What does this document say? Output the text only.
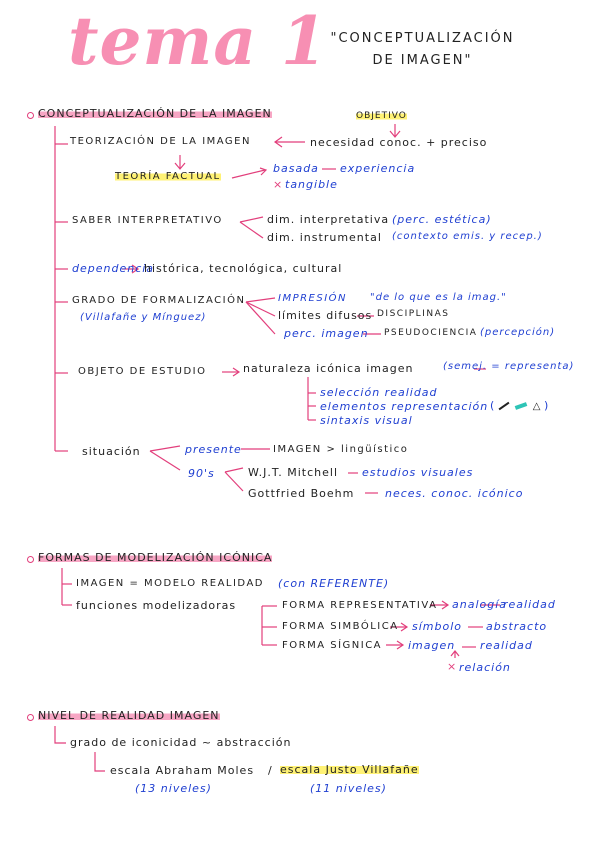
tema 1 "CONCEPTUALIZACIÓN
DE IMAGEN"
CONCEPTUALIZACIÓN DE LA IMAGEN	OBJETIVO
TEORIZACIÓN DE LA IMAGEN	necesidad conoc. + preciso
TEORÍA FACTUAL
basada experiencia
× tangible
SABER INTERPRETATIVO	dim. interpretativa (perc. estética)
dim. instrumental (contexto emis. y recep.)
dependencia
histórica, tecnológica, cultural
GRADO DE FORMALIZACIÓN
(Villafañe y Mínguez)
IMPRESIÓN "de lo que es la imag."
límites difusos DISCIPLINAS
perc. imagen PSEUDOCIENCIA (percepción)
OBJETO DE ESTUDIO	naturaleza icónica imagen	(semej. = representa)
selección realidad
elementos representación (	△ )
sintaxis visual
situación	presente	IMAGEN > lingüístico
90's	W.J.T. Mitchell estudios visuales
Gottfried Boehm	neces. conoc. icónico
FORMAS DE MODELIZACIÓN ICÓNICA
IMAGEN = MODELO REALIDAD (con REFERENTE)
funciones modelizadoras	FORMA REPRESENTATIVA analogía
realidad
FORMA SIMBÓLICA símbolo abstracto
FORMA SÍGNICA imagen realidad
× relación
NIVEL DE REALIDAD IMAGEN
grado de iconicidad ~ abstracción
escala Abraham Moles / escala Justo Villafañe
(13 niveles)	(11 niveles)
